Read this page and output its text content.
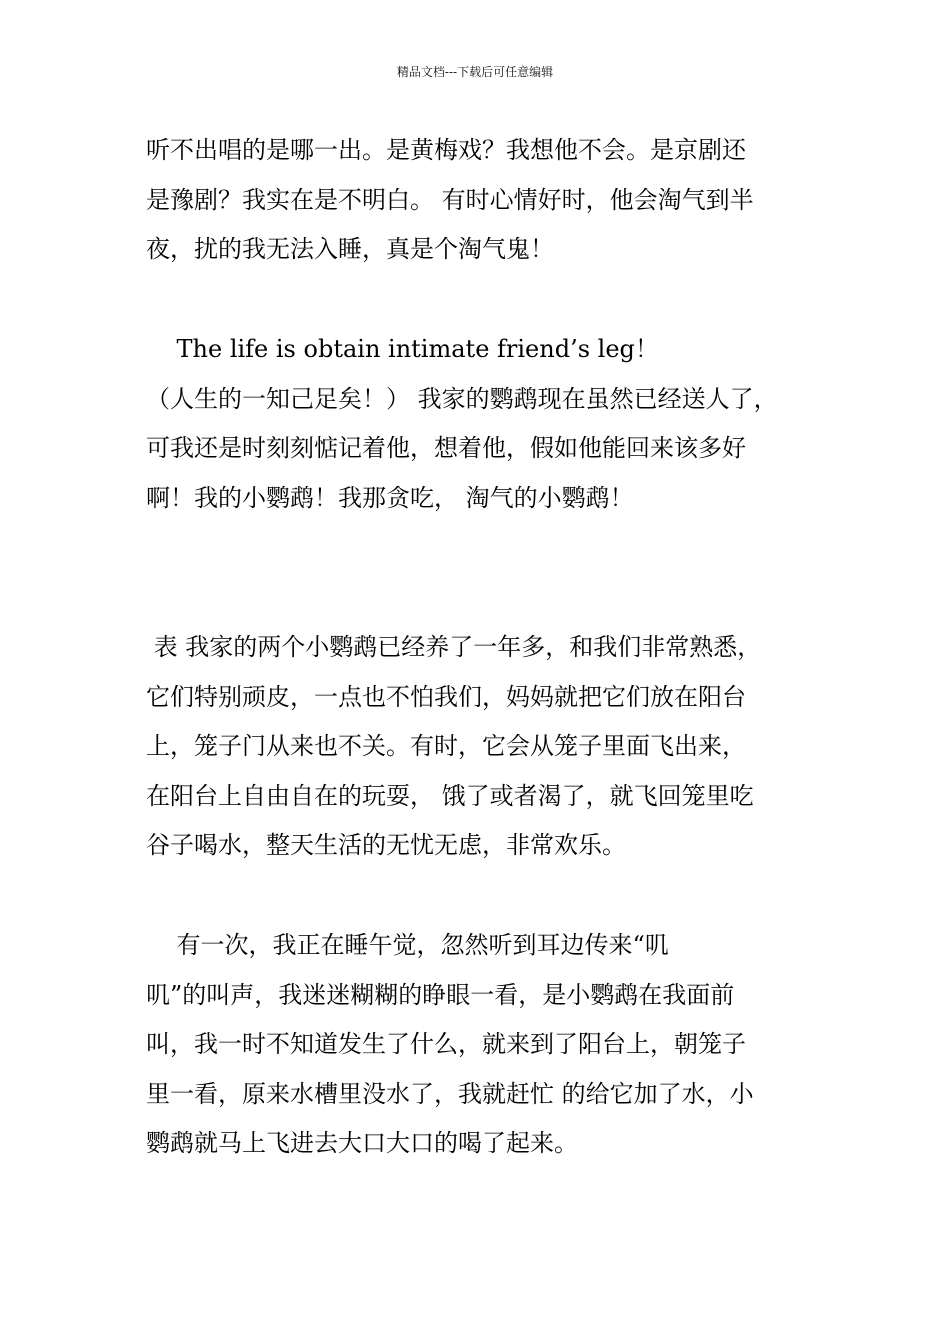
精品文档---下载后可任意编辑
听不出唱的是哪一出。是黄梅戏？我想他不会。是京剧还
是豫剧？我实在是不明白。 有时心情好时，他会淘气到半
夜，扰的我无法入睡，真是个淘气鬼！
The life is obtain intimate friend’s leg！
（人生的一知己足矣！） 我家的鹦鹉现在虽然已经送人了，
可我还是时刻刻惦记着他，想着他，假如他能回来该多好
啊！我的小鹦鹉！我那贪吃， 淘气的小鹦鹉！
表 我家的两个小鹦鹉已经养了一年多，和我们非常熟悉，
它们特别顽皮，一点也不怕我们，妈妈就把它们放在阳台
上，笼子门从来也不关。有时，它会从笼子里面飞出来，
在阳台上自由自在的玩耍， 饿了或者渴了，就飞回笼里吃
谷子喝水，整天生活的无忧无虑，非常欢乐。
有一次，我正在睡午觉，忽然听到耳边传来“叽
叽”的叫声，我迷迷糊糊的睁眼一看，是小鹦鹉在我面前
叫，我一时不知道发生了什么，就来到了阳台上，朝笼子
里一看，原来水槽里没水了，我就赶忙 的给它加了水，小
鹦鹉就马上飞进去大口大口的喝了起来。
